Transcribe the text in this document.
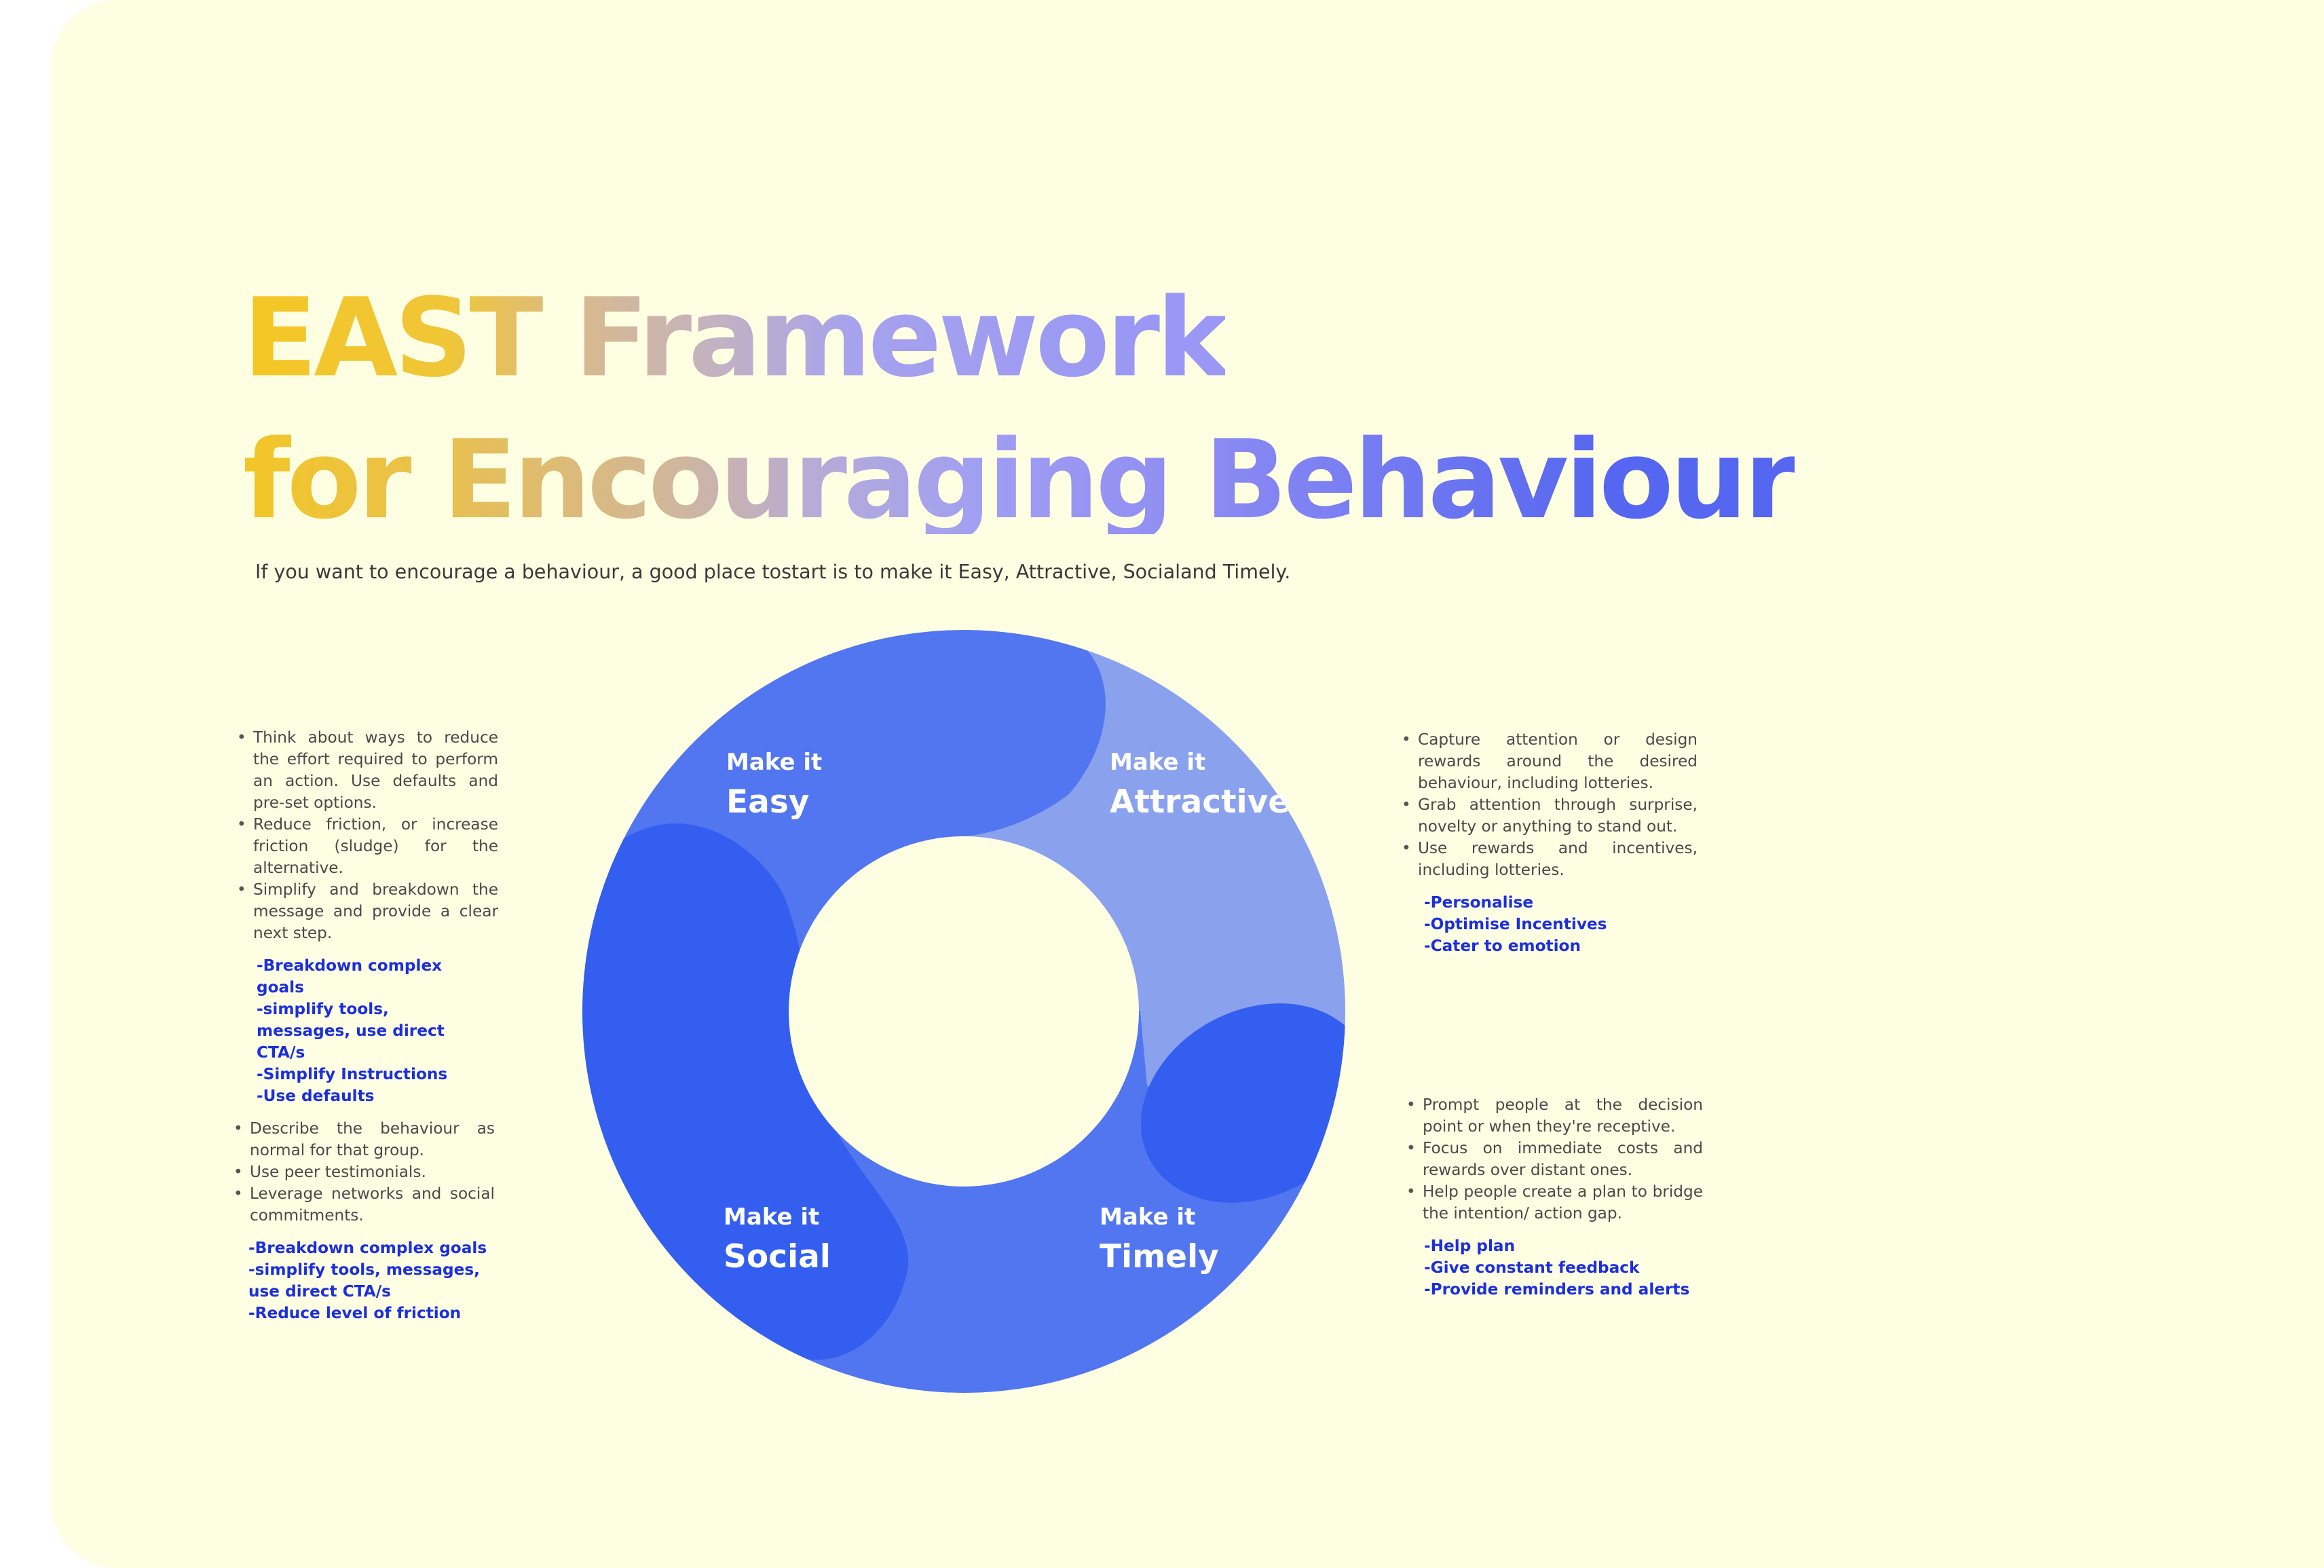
EAST Framework
for Encouraging Behaviour
If you want to encourage a behaviour, a good place tostart is to make it Easy, Attractive, Socialand Timely.
Make it
Easy
Make it
Attractive
Make it
Social
Make it
Timely
• Think about ways to reduce the effort required to perform an action. Use defaults and pre-set options.
• Reduce friction, or increase friction (sludge) for the alternative.
• Simplify and breakdown the message and provide a clear next step.
-Breakdown complex goals
-simplify tools, messages, use direct CTA/s
-Simplify Instructions
-Use defaults
• Capture attention or design rewards around the desired behaviour, including lotteries.
• Grab attention through surprise, novelty or anything to stand out.
• Use rewards and incentives, including lotteries.
-Personalise
-Optimise Incentives
-Cater to emotion
• Describe the behaviour as normal for that group.
• Use peer testimonials.
• Leverage networks and social commitments.
-Breakdown complex goals
-simplify tools, messages, use direct CTA/s
-Reduce level of friction
• Prompt people at the decision point or when they're receptive.
• Focus on immediate costs and rewards over distant ones.
• Help people create a plan to bridge the intention/ action gap.
-Help plan
-Give constant feedback
-Provide reminders and alerts
